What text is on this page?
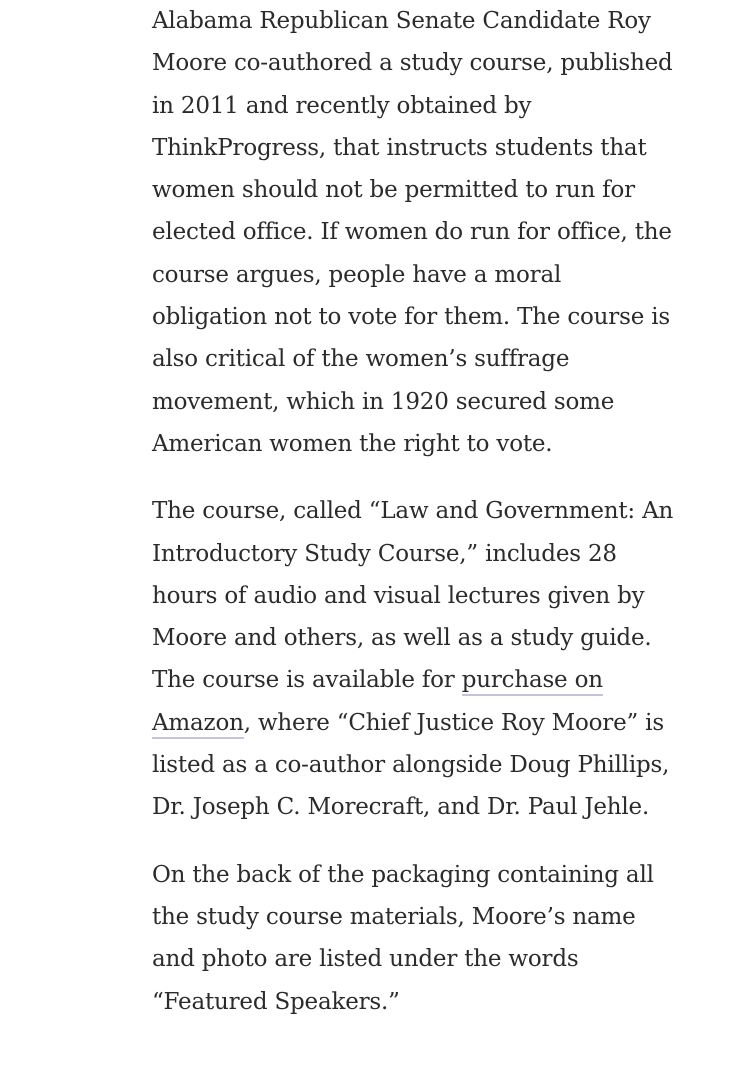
Alabama Republican Senate Candidate Roy Moore co-authored a study course, published in 2011 and recently obtained by ThinkProgress, that instructs students that women should not be permitted to run for elected office. If women do run for office, the course argues, people have a moral obligation not to vote for them. The course is also critical of the women’s suffrage movement, which in 1920 secured some American women the right to vote.

The course, called “Law and Government: An Introductory Study Course,” includes 28 hours of audio and visual lectures given by Moore and others, as well as a study guide. The course is available for purchase on Amazon, where “Chief Justice Roy Moore” is listed as a co-author alongside Doug Phillips, Dr. Joseph C. Morecraft, and Dr. Paul Jehle.

On the back of the packaging containing all the study course materials, Moore’s name and photo are listed under the words “Featured Speakers.”
